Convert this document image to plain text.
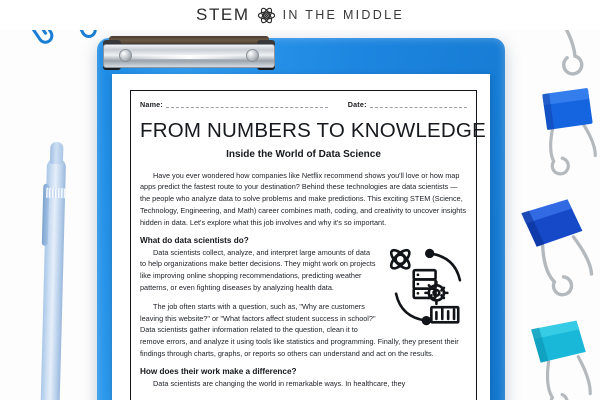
Name:	Date:
FROM NUMBERS TO KNOWLEDGE
Inside the World of Data Science

Have you ever wondered how companies like Netflix recommend shows you'll love or how map apps predict the fastest route to your destination? Behind these technologies are data scientists — the people who analyze data to solve problems and make predictions. This exciting STEM (Science, Technology, Engineering, and Math) career combines math, coding, and creativity to uncover insights hidden in data. Let's explore what this job involves and why it's so important.

What do data scientists do?

Data scientists collect, analyze, and interpret large amounts of data to help organizations make better decisions. They might work on projects like improving online shopping recommendations, predicting weather patterns, or even fighting diseases by analyzing health data.

The job often starts with a question, such as, "Why are customers leaving this website?" or "What factors affect student success in school?" Data scientists gather information related to the question, clean it to remove errors, and analyze it using tools like statistics and programming. Finally, they present their findings through charts, graphs, or reports so others can understand and act on the results.

How does their work make a difference?

Data scientists are changing the world in remarkable ways. In healthcare, they

STEM	IN THE MIDDLE
